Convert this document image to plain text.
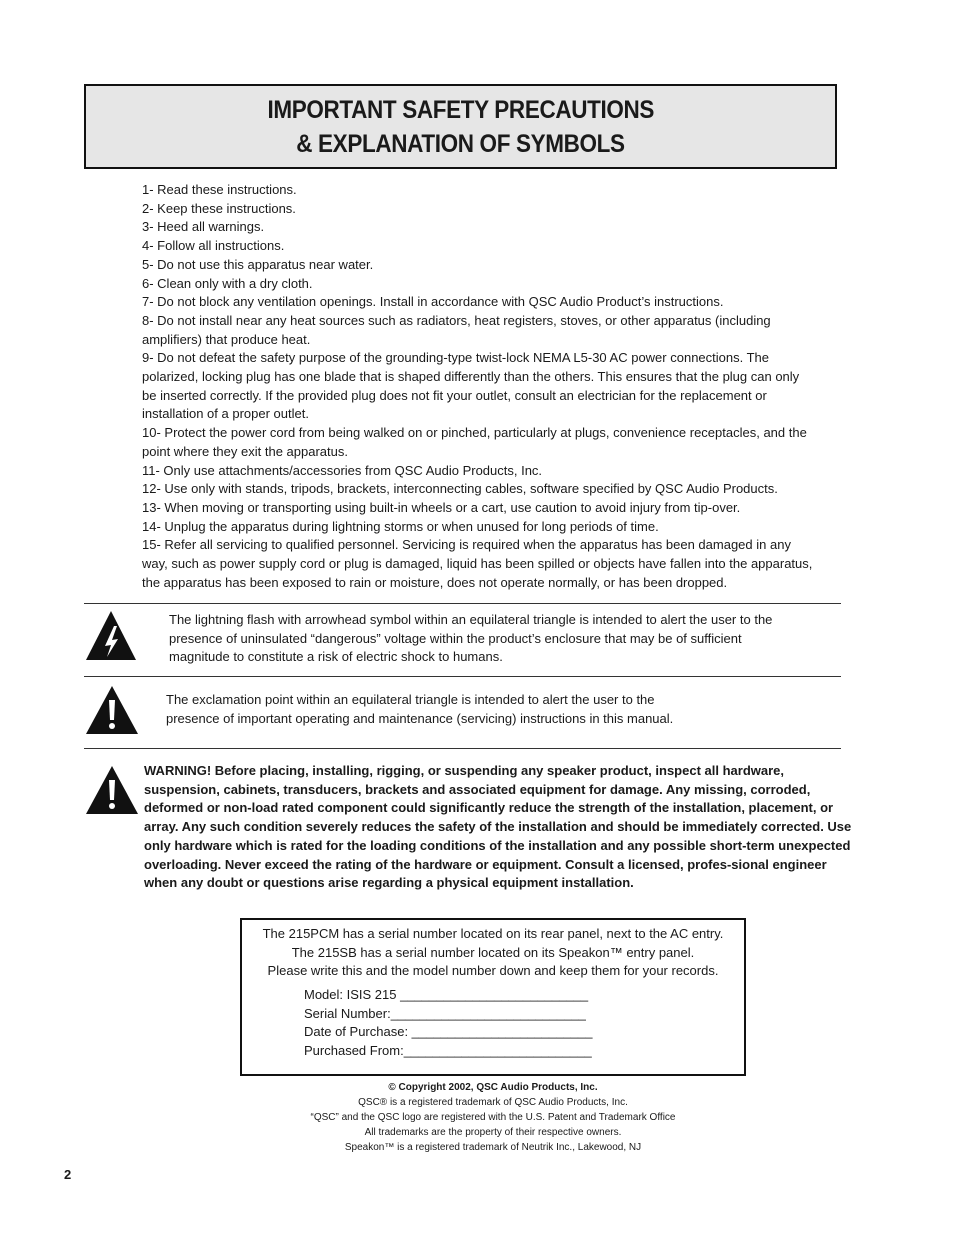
IMPORTANT SAFETY PRECAUTIONS
& EXPLANATION OF SYMBOLS

1- Read these instructions.

2- Keep these instructions.

3- Heed all warnings.

4- Follow all instructions.

5- Do not use this apparatus near water.

6- Clean only with a dry cloth.

7- Do not block any ventilation openings. Install in accordance with QSC Audio Product’s instructions.

8- Do not install near any heat sources such as radiators, heat registers, stoves, or other apparatus (including amplifiers) that produce heat.

9- Do not defeat the safety purpose of the grounding-type twist-lock NEMA L5-30 AC power connections. The polarized, locking plug has one blade that is shaped differently than the others. This ensures that the plug can only be inserted correctly. If the provided plug does not fit your outlet, consult an electrician for the replacement or installation of a proper outlet.

10- Protect the power cord from being walked on or pinched, particularly at plugs, convenience receptacles, and the point where they exit the apparatus.

11- Only use attachments/accessories from QSC Audio Products, Inc.

12- Use only with stands, tripods, brackets, interconnecting cables, software specified by QSC Audio Products.

13- When moving or transporting using built-in wheels or a cart, use caution to avoid injury from tip-over.

14- Unplug the apparatus during lightning storms or when unused for long periods of time.

15- Refer all servicing to qualified personnel. Servicing is required when the apparatus has been damaged in any way, such as power supply cord or plug is damaged, liquid has been spilled or objects have fallen into the apparatus, the apparatus has been exposed to rain or moisture, does not operate normally, or has been dropped.

The lightning flash with arrowhead symbol within an equilateral triangle is intended to alert the user to the presence of uninsulated “dangerous” voltage within the product’s enclosure that may be of sufficient magnitude to constitute a risk of electric shock to humans.
The exclamation point within an equilateral triangle is intended to alert the user to the presence of important operating and maintenance (servicing) instructions in this manual.
WARNING! Before placing, installing, rigging, or suspending any speaker product, inspect all hardware, suspension, cabinets, transducers, brackets and associated equipment for damage. Any missing, corroded, deformed or non-load rated component could significantly reduce the strength of the installation, placement, or array. Any such condition severely reduces the safety of the installation and should be immediately corrected. Use only hardware which is rated for the loading conditions of the installation and any possible short-term unexpected overloading. Never exceed the rating of the hardware or equipment. Consult a licensed, profes-sional engineer when any doubt or questions arise regarding a physical equipment installation.
The 215PCM has a serial number located on its rear panel, next to the AC entry.
The 215SB has a serial number located on its Speakon™ entry panel.
Please write this and the model number down and keep them for your records.
Model: ISIS 215 __________________________
Serial Number:___________________________
Date of Purchase: _________________________
Purchased From:__________________________
© Copyright 2002, QSC Audio Products, Inc.
QSC® is a registered trademark of QSC Audio Products, Inc.
“QSC” and the QSC logo are registered with the U.S. Patent and Trademark Office
All trademarks are the property of their respective owners.
Speakon™ is a registered trademark of Neutrik Inc., Lakewood, NJ
2
